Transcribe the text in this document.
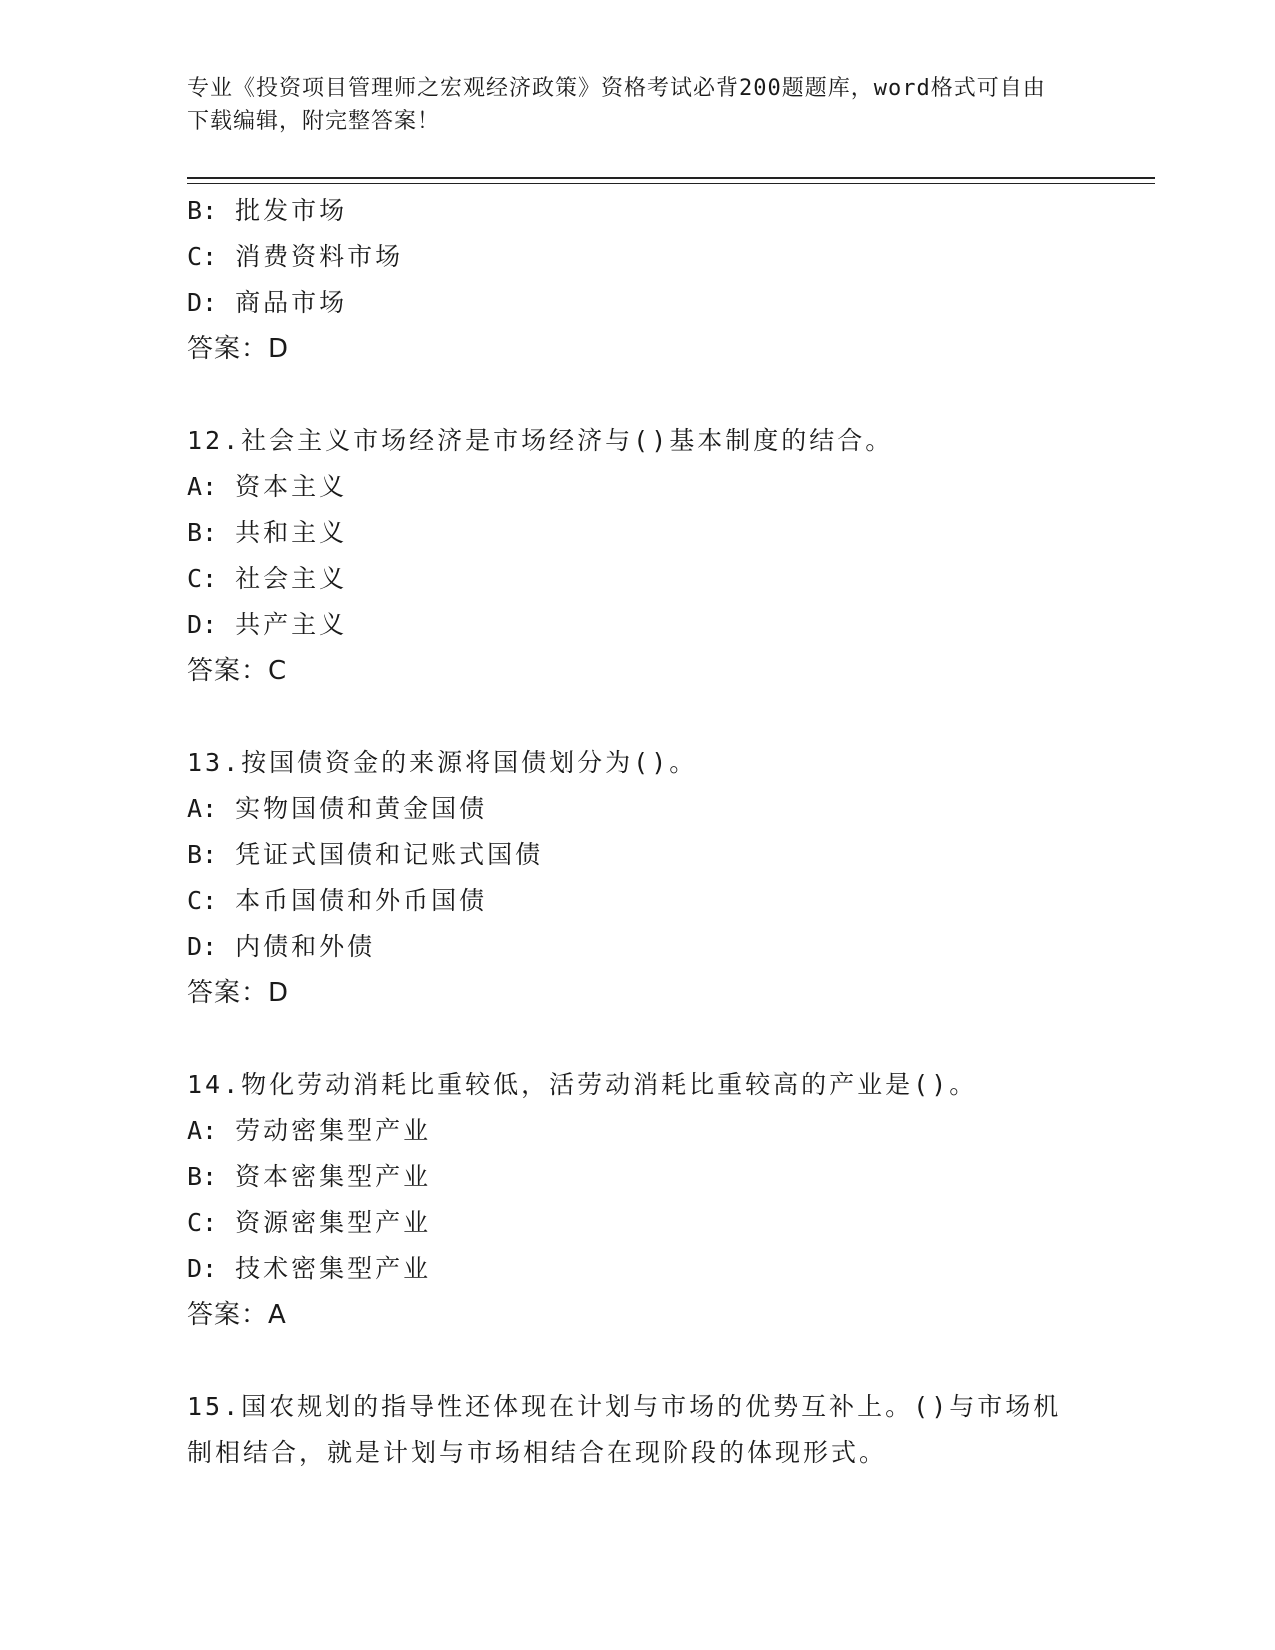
专业《投资项目管理师之宏观经济政策》资格考试必背200题题库，word格式可自由下载编辑，附完整答案！
B: 批发市场
C: 消费资料市场
D: 商品市场
答案：D
12.社会主义市场经济是市场经济与()基本制度的结合。
A: 资本主义
B: 共和主义
C: 社会主义
D: 共产主义
答案：C
13.按国债资金的来源将国债划分为()。
A: 实物国债和黄金国债
B: 凭证式国债和记账式国债
C: 本币国债和外币国债
D: 内债和外债
答案：D
14.物化劳动消耗比重较低，活劳动消耗比重较高的产业是()。
A: 劳动密集型产业
B: 资本密集型产业
C: 资源密集型产业
D: 技术密集型产业
答案：A
15.国农规划的指导性还体现在计划与市场的优势互补上。()与市场机
制相结合，就是计划与市场相结合在现阶段的体现形式。
